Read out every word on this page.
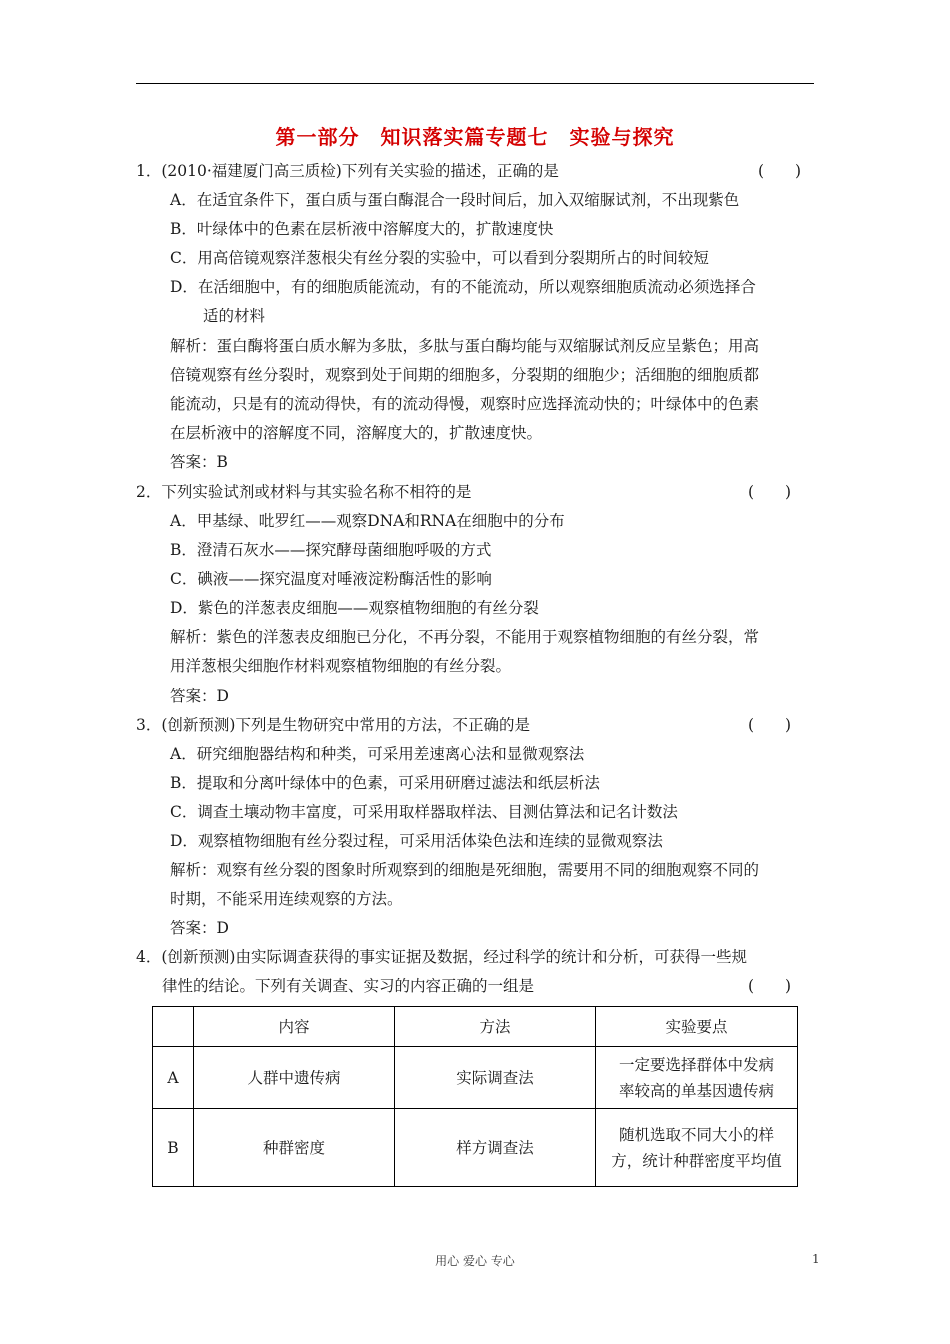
第一部分　知识落实篇专题七　实验与探究
1．(2010·福建厦门高三质检)下列有关实验的描述，正确的是	(　　)
A．在适宜条件下，蛋白质与蛋白酶混合一段时间后，加入双缩脲试剂，不出现紫色
B．叶绿体中的色素在层析液中溶解度大的，扩散速度快
C．用高倍镜观察洋葱根尖有丝分裂的实验中，可以看到分裂期所占的时间较短
D．在活细胞中，有的细胞质能流动，有的不能流动，所以观察细胞质流动必须选择合
适的材料
解析：蛋白酶将蛋白质水解为多肽，多肽与蛋白酶均能与双缩脲试剂反应呈紫色；用高
倍镜观察有丝分裂时，观察到处于间期的细胞多，分裂期的细胞少；活细胞的细胞质都
能流动，只是有的流动得快，有的流动得慢，观察时应选择流动快的；叶绿体中的色素
在层析液中的溶解度不同，溶解度大的，扩散速度快。
答案：B
2．下列实验试剂或材料与其实验名称不相符的是	(　　)
A．甲基绿、吡罗红——观察DNA和RNA在细胞中的分布
B．澄清石灰水——探究酵母菌细胞呼吸的方式
C．碘液——探究温度对唾液淀粉酶活性的影响
D．紫色的洋葱表皮细胞——观察植物细胞的有丝分裂
解析：紫色的洋葱表皮细胞已分化，不再分裂，不能用于观察植物细胞的有丝分裂，常
用洋葱根尖细胞作材料观察植物细胞的有丝分裂。
答案：D
3．(创新预测)下列是生物研究中常用的方法，不正确的是	(　　)
A．研究细胞器结构和种类，可采用差速离心法和显微观察法
B．提取和分离叶绿体中的色素，可采用研磨过滤法和纸层析法
C．调查土壤动物丰富度，可采用取样器取样法、目测估算法和记名计数法
D．观察植物细胞有丝分裂过程，可采用活体染色法和连续的显微观察法
解析：观察有丝分裂的图象时所观察到的细胞是死细胞，需要用不同的细胞观察不同的
时期，不能采用连续观察的方法。
答案：D
4．(创新预测)由实际调查获得的事实证据及数据，经过科学的统计和分析，可获得一些规
律性的结论。下列有关调查、实习的内容正确的一组是	(　　)
	内容	方法	实验要点
A	人群中遗传病	实际调查法	一定要选择群体中发病
率较高的单基因遗传病

B	种群密度	样方调查法	随机选取不同大小的样
方，统计种群密度平均值
用心 爱心 专心	1
